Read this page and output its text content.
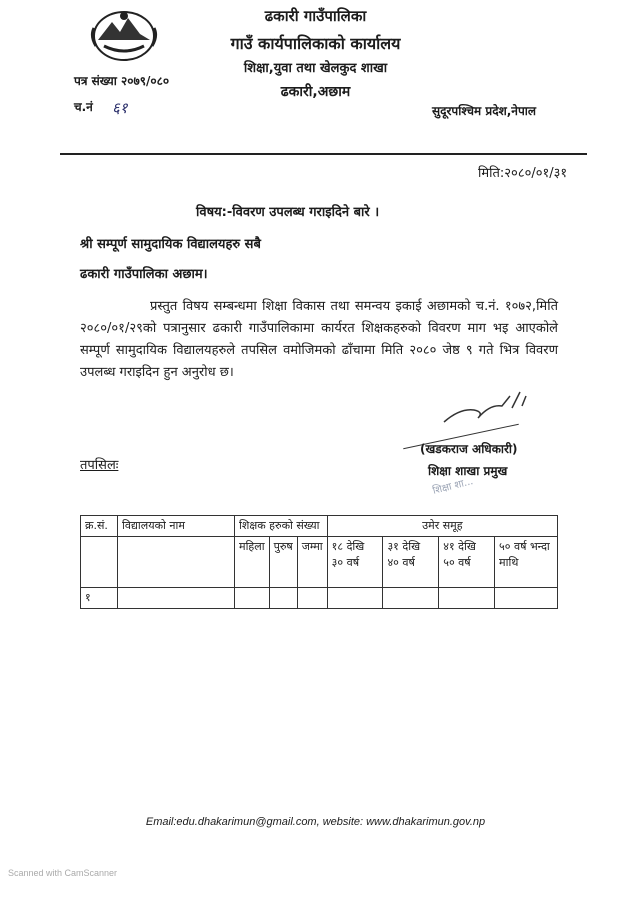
ढकारी गाउँपालिका
गाउँ कार्यपालिकाको कार्यालय
शिक्षा,युवा तथा खेलकुद शाखा
ढकारी,अछाम
पत्र संख्या २०७९/०८०
च.नं ६१	सुदूरपश्चिम प्रदेश,नेपाल
मिति:२०८०/०१/३१
विषय:-विवरण उपलब्ध गराइदिने बारे ।
श्री सम्पूर्ण सामुदायिक विद्यालयहरु सबै
ढकारी गाउँपालिका अछाम।
प्रस्तुत विषय सम्बन्धमा शिक्षा विकास तथा समन्वय इकाई अछामको च.नं. १०७२,मिति २०८०/०१/२९को पत्रानुसार ढकारी गाउँपालिकामा कार्यरत शिक्षकहरुको विवरण माग भइ आएकोले सम्पूर्ण सामुदायिक विद्यालयहरुले तपसिल वमोजिमको ढाँचामा मिति २०८० जेष्ठ ९ गते भित्र विवरण उपलब्ध गराइदिन हुन अनुरोध छ।
(खडकराज अधिकारी)
शिक्षा शाखा प्रमुख
शिक्षा शा...
तपसिलः
क्र.सं.	विद्यालयको नाम	शिक्षक हरुको संख्या			उमेर समूह			
		महिला	पुरुष	जम्मा	१८ देखि ३० वर्ष	३१ देखि ४० वर्ष	४१ देखि ५० वर्ष	५० वर्ष भन्दा माथि
१								
Email:edu.dhakarimun@gmail.com, website: www.dhakarimun.gov.np
Scanned with CamScanner
